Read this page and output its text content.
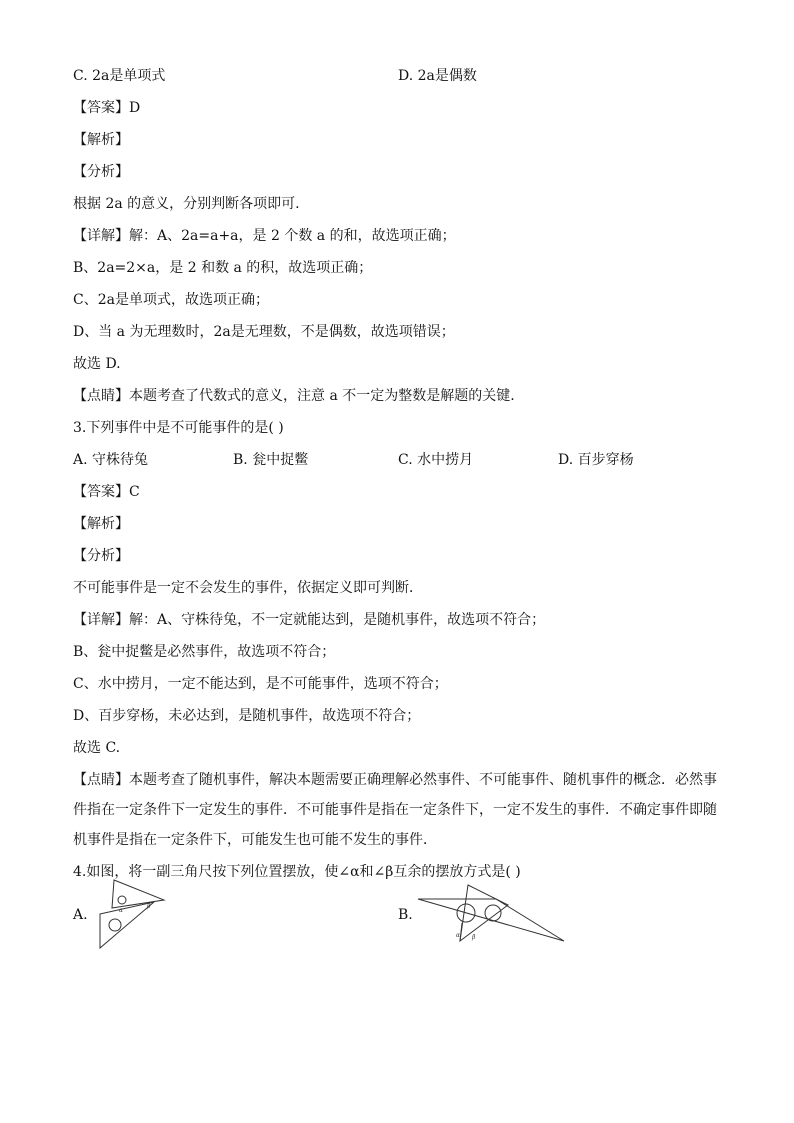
C. 2a是单项式	D. 2a是偶数
【答案】D
【解析】
【分析】
根据 2a 的意义，分别判断各项即可.
【详解】解：A、2a=a+a，是 2 个数 a 的和，故选项正确；
B、2a=2×a，是 2 和数 a 的积，故选项正确；
C、2a是单项式，故选项正确；
D、当 a 为无理数时，2a是无理数，不是偶数，故选项错误；
故选 D.
【点睛】本题考查了代数式的意义，注意 a 不一定为整数是解题的关键.
3.下列事件中是不可能事件的是( )
A. 守株待兔	B. 瓮中捉鳖	C. 水中捞月	D. 百步穿杨
【答案】C
【解析】
【分析】
不可能事件是一定不会发生的事件，依据定义即可判断．
【详解】解：A、守株待兔，不一定就能达到，是随机事件，故选项不符合；
B、瓮中捉鳖是必然事件，故选项不符合；
C、水中捞月，一定不能达到，是不可能事件，选项不符合；
D、百步穿杨，未必达到，是随机事件，故选项不符合；
故选 C.
【点睛】本题考查了随机事件，解决本题需要正确理解必然事件、不可能事件、随机事件的概念．必然事
件指在一定条件下一定发生的事件．不可能事件是指在一定条件下，一定不发生的事件．不确定事件即随
机事件是指在一定条件下，可能发生也可能不发生的事件．
4.如图，将一副三角尺按下列位置摆放，使∠α和∠β互余的摆放方式是( )
A.	B.
α
β
α β
